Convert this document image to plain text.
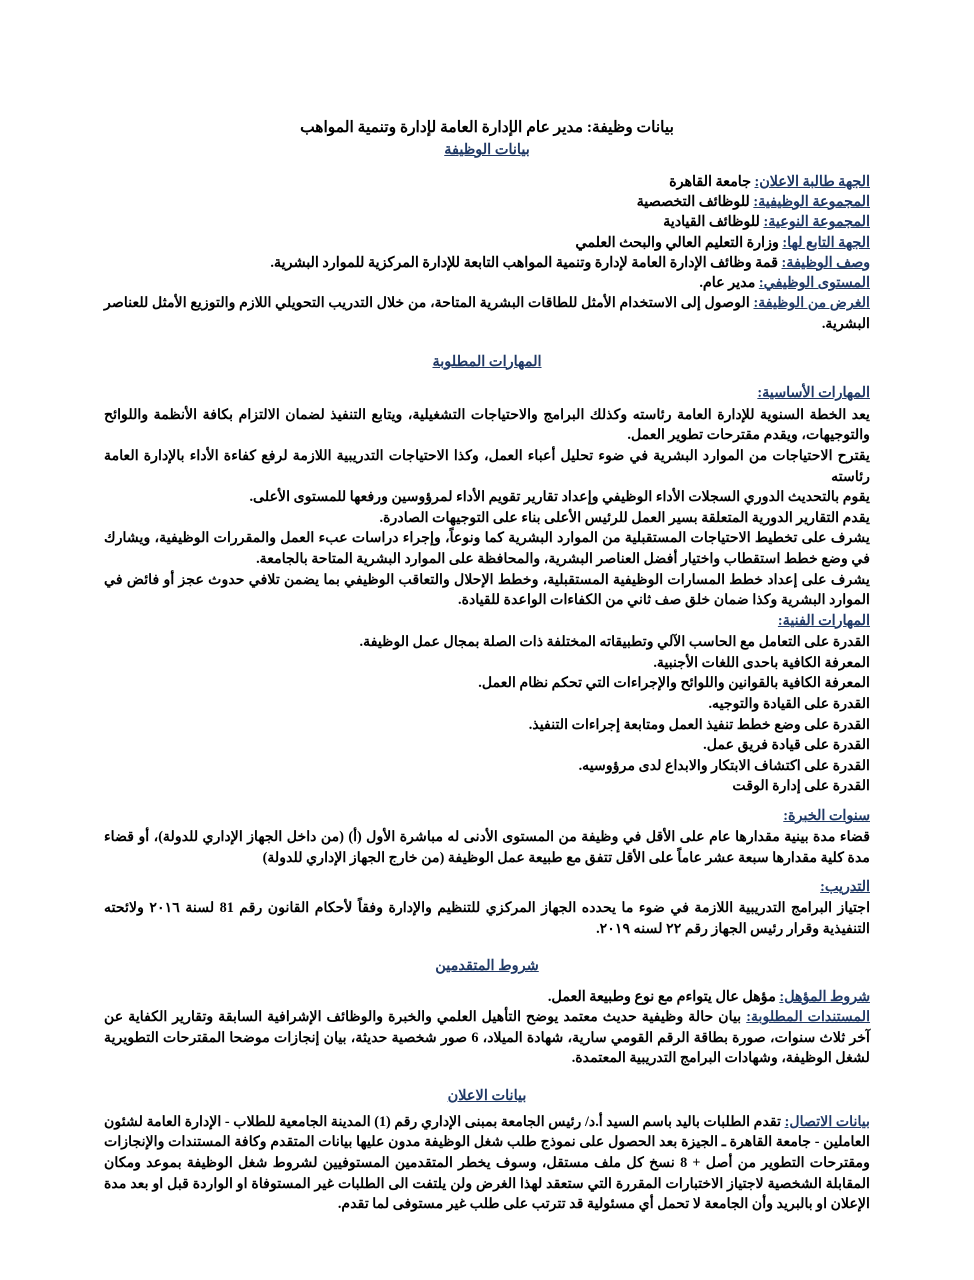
بيانات وظيفة: مدير عام الإدارة العامة لإدارة وتنمية المواهب
بيانات الوظيفة
الجهة طالبة الاعلان: جامعة القاهرة
المجموعة الوظيفية: للوظائف التخصصية
المجموعة النوعية: للوظائف القيادية
الجهة التابع لها: وزارة التعليم العالي والبحث العلمي
وصف الوظيفة: قمة وظائف الإدارة العامة لإدارة وتنمية المواهب التابعة للإدارة المركزية للموارد البشرية.
المستوى الوظيفي: مدير عام.
الغرض من الوظيفة: الوصول إلى الاستخدام الأمثل للطاقات البشرية المتاحة، من خلال التدريب التحويلي اللازم والتوزيع الأمثل للعناصر البشرية.
المهارات المطلوبة
المهارات الأساسية:
يعد الخطة السنوية للإدارة العامة رئاسته وكذلك البرامج والاحتياجات التشغيلية، ويتابع التنفيذ لضمان الالتزام بكافة الأنظمة واللوائح والتوجيهات، ويقدم مقترحات تطوير العمل.
يقترح الاحتياجات من الموارد البشرية في ضوء تحليل أعباء العمل، وكذا الاحتياجات التدريبية اللازمة لرفع كفاءة الأداء بالإدارة العامة رئاسته
يقوم بالتحديث الدوري السجلات الأداء الوظيفي وإعداد تقارير تقويم الأداء لمرؤوسين ورفعها للمستوى الأعلى.
يقدم التقارير الدورية المتعلقة بسير العمل للرئيس الأعلى بناء على التوجيهات الصادرة.
يشرف على تخطيط الاحتياجات المستقبلية من الموارد البشرية كما ونوعاً، وإجراء دراسات عبء العمل والمقررات الوظيفية، ويشارك في وضع خطط استقطاب واختيار أفضل العناصر البشرية، والمحافظة على الموارد البشرية المتاحة بالجامعة.
يشرف على إعداد خطط المسارات الوظيفية المستقبلية، وخطط الإحلال والتعاقب الوظيفي بما يضمن تلافي حدوث عجز أو فائض في الموارد البشرية وكذا ضمان خلق صف ثاني من الكفاءات الواعدة للقيادة.
المهارات الفنية:
القدرة على التعامل مع الحاسب الآلي وتطبيقاته المختلفة ذات الصلة بمجال عمل الوظيفة.
المعرفة الكافية باحدى اللغات الأجنبية.
المعرفة الكافية بالقوانين واللوائح والإجراءات التي تحكم نظام العمل.
القدرة على القيادة والتوجيه.
القدرة على وضع خطط تنفيذ العمل ومتابعة إجراءات التنفيذ.
القدرة على قيادة فريق عمل.
القدرة على اكتشاف الابتكار والابداع لدى مرؤوسيه.
القدرة على إدارة الوقت
سنوات الخبرة:
قضاء مدة بينية مقدارها عام على الأقل في وظيفة من المستوى الأدنى له مباشرة الأول (أ) (من داخل الجهاز الإداري للدولة)، أو قضاء مدة كلية مقدارها سبعة عشر عاماً على الأقل تتفق مع طبيعة عمل الوظيفة (من خارج الجهاز الإداري للدولة)
التدريب:
اجتياز البرامج التدريبية اللازمة في ضوء ما يحدده الجهاز المركزي للتنظيم والإدارة وفقاً لأحكام القانون رقم 81 لسنة ٢٠١٦ ولائحته التنفيذية وقرار رئيس الجهاز رقم ٢٢ لسنه ٢٠١٩.
شروط المتقدمين
شروط المؤهل: مؤهل عال يتواءم مع نوع وطبيعة العمل.
المستندات المطلوبة: بيان حالة وظيفية حديث معتمد يوضح التأهيل العلمي والخبرة والوظائف الإشرافية السابقة وتقارير الكفاية عن آخر ثلاث سنوات، صورة بطاقة الرقم القومي سارية، شهادة الميلاد، 6 صور شخصية حديثة، بيان إنجازات موضحا المقترحات التطويرية لشغل الوظيفة، وشهادات البرامج التدريبية المعتمدة.
بيانات الاعلان
بيانات الاتصال: تقدم الطلبات باليد باسم السيد أ.د/ رئيس الجامعة بمبنى الإداري رقم (1) المدينة الجامعية للطلاب - الإدارة العامة لشئون العاملين - جامعة القاهرة ـ الجيزة بعد الحصول على نموذج طلب شغل الوظيفة مدون عليها بيانات المتقدم وكافة المستندات والإنجازات ومقترحات التطوير من أصل + 8 نسخ كل ملف مستقل، وسوف يخطر المتقدمين المستوفيين لشروط شغل الوظيفة بموعد ومكان المقابلة الشخصية لاجتياز الاختبارات المقررة التي ستعقد لهذا الغرض ولن يلتفت الى الطلبات غير المستوفاة او الواردة قبل او بعد مدة الإعلان او بالبريد وأن الجامعة لا تحمل أي مسئولية قد تترتب على طلب غير مستوفى لما تقدم.
